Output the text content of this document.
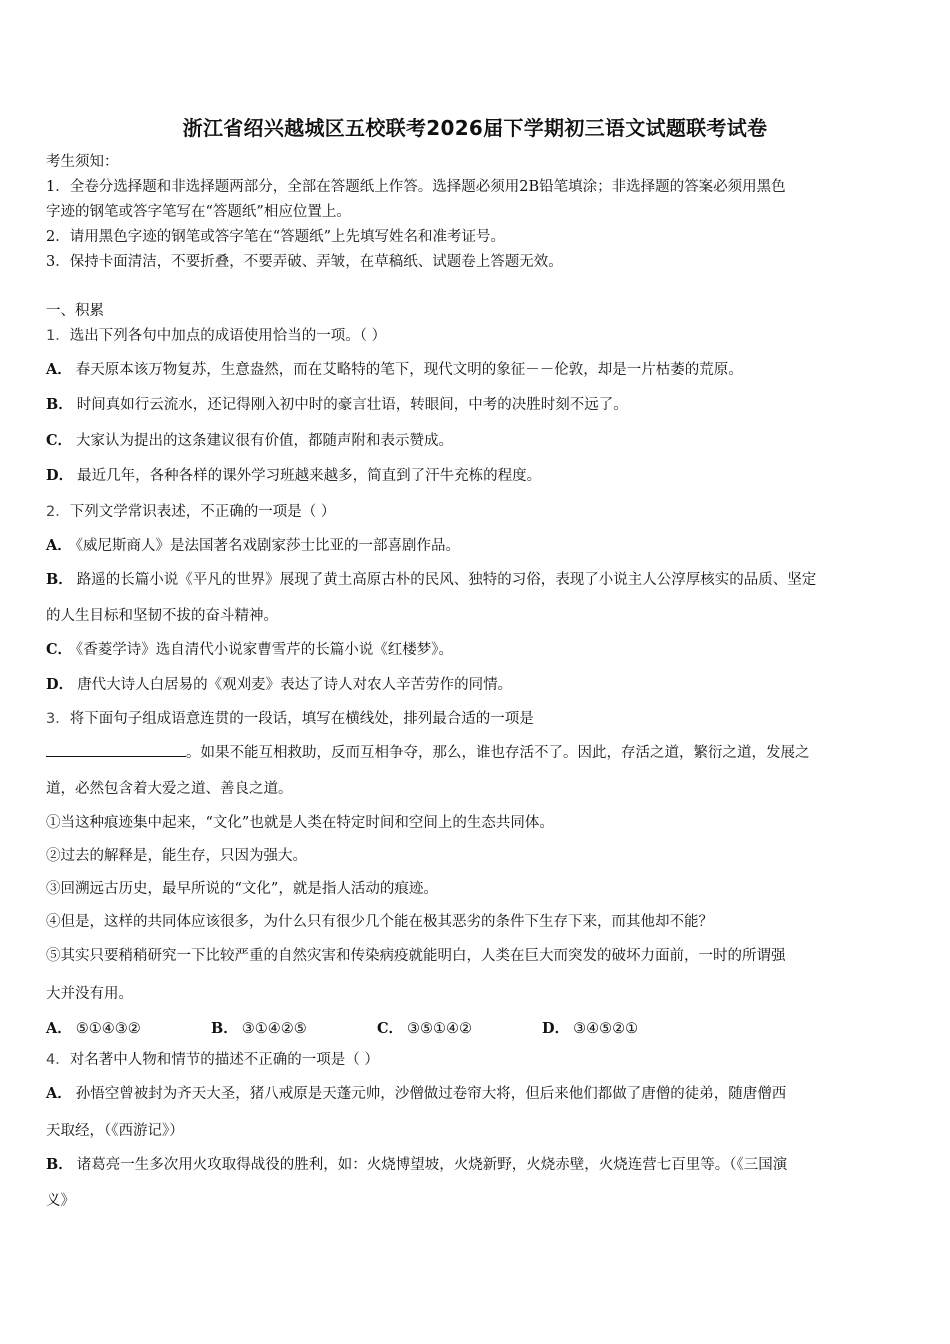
浙江省绍兴越城区五校联考2026届下学期初三语文试题联考试卷
考生须知：
1．全卷分选择题和非选择题两部分，全部在答题纸上作答。选择题必须用2B铅笔填涂；非选择题的答案必须用黑色
字迹的钢笔或答字笔写在“答题纸”相应位置上。
2．请用黑色字迹的钢笔或答字笔在“答题纸”上先填写姓名和准考证号。
3．保持卡面清洁，不要折叠，不要弄破、弄皱，在草稿纸、试题卷上答题无效。
一、积累
1．选出下列各句中加点的成语使用恰当的一项。（ ）
A． 春天原本该万物复苏，生意盎然，而在艾略特的笔下，现代文明的象征－－伦敦，却是一片枯萎的荒原。
B． 时间真如行云流水，还记得刚入初中时的豪言壮语，转眼间，中考的决胜时刻不远了。
C． 大家认为提出的这条建议很有价值，都随声附和表示赞成。
D． 最近几年，各种各样的课外学习班越来越多，简直到了汗牛充栋的程度。
2．下列文学常识表述，不正确的一项是（ ）
A． 《威尼斯商人》是法国著名戏剧家莎士比亚的一部喜剧作品。
B． 路遥的长篇小说《平凡的世界》展现了黄土高原古朴的民风、独特的习俗，表现了小说主人公淳厚核实的品质、坚定
的人生目标和坚韧不拔的奋斗精神。
C． 《香菱学诗》选自清代小说家曹雪芹的长篇小说《红楼梦》。
D． 唐代大诗人白居易的《观刈麦》表达了诗人对农人辛苦劳作的同情。
3．将下面句子组成语意连贯的一段话，填写在横线处，排列最合适的一项是
。如果不能互相救助，反而互相争夺，那么，谁也存活不了。因此，存活之道，繁衍之道，发展之
道，必然包含着大爱之道、善良之道。
①当这种痕迹集中起来，“文化”也就是人类在特定时间和空间上的生态共同体。
②过去的解释是，能生存，只因为强大。
③回溯远古历史，最早所说的“文化”，就是指人活动的痕迹。
④但是，这样的共同体应该很多，为什么只有很少几个能在极其恶劣的条件下生存下来，而其他却不能？
⑤其实只要稍稍研究一下比较严重的自然灾害和传染病疫就能明白，人类在巨大而突发的破坏力面前，一时的所谓强
大并没有用。
A． ⑤①④③②	B． ③①④②⑤	C． ③⑤①④②	D． ③④⑤②①
4．对名著中人物和情节的描述不正确的一项是（ ）
A． 孙悟空曾被封为齐天大圣，猪八戒原是天蓬元帅，沙僧做过卷帘大将，但后来他们都做了唐僧的徒弟，随唐僧西
天取经，（《西游记》）
B． 诸葛亮一生多次用火攻取得战役的胜利，如：火烧博望坡，火烧新野，火烧赤壁，火烧连营七百里等。（《三国演
义》
